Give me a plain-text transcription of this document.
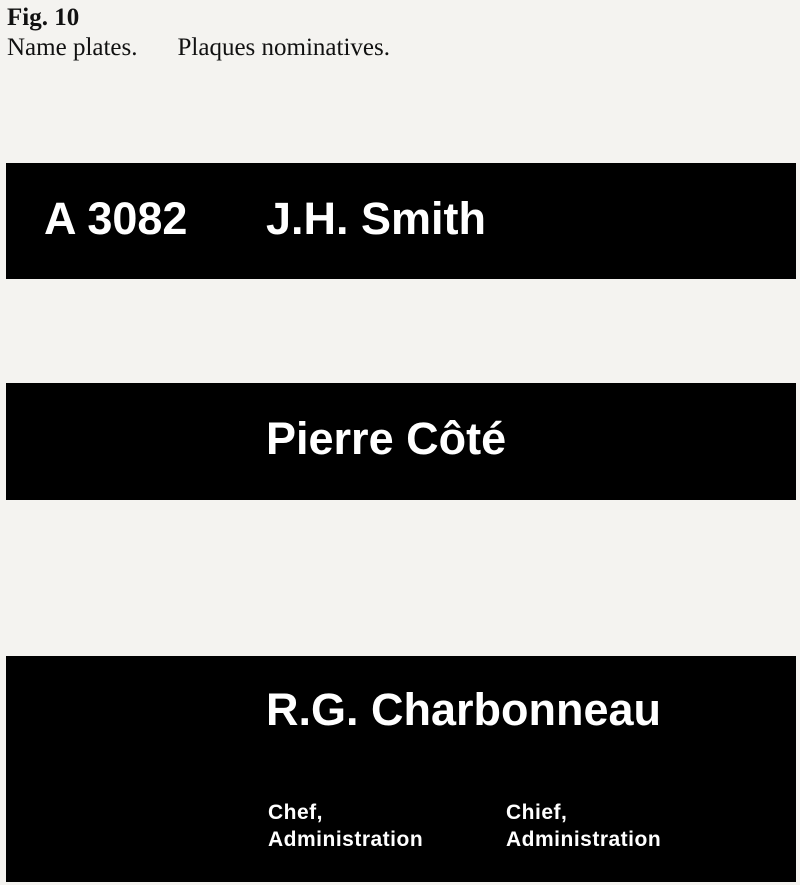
Fig. 10
Name plates. Plaques nominatives.
A 3082 J.H. Smith
Pierre Côté
R.G. Charbonneau
Chef,
Administration
Chief,
Administration
